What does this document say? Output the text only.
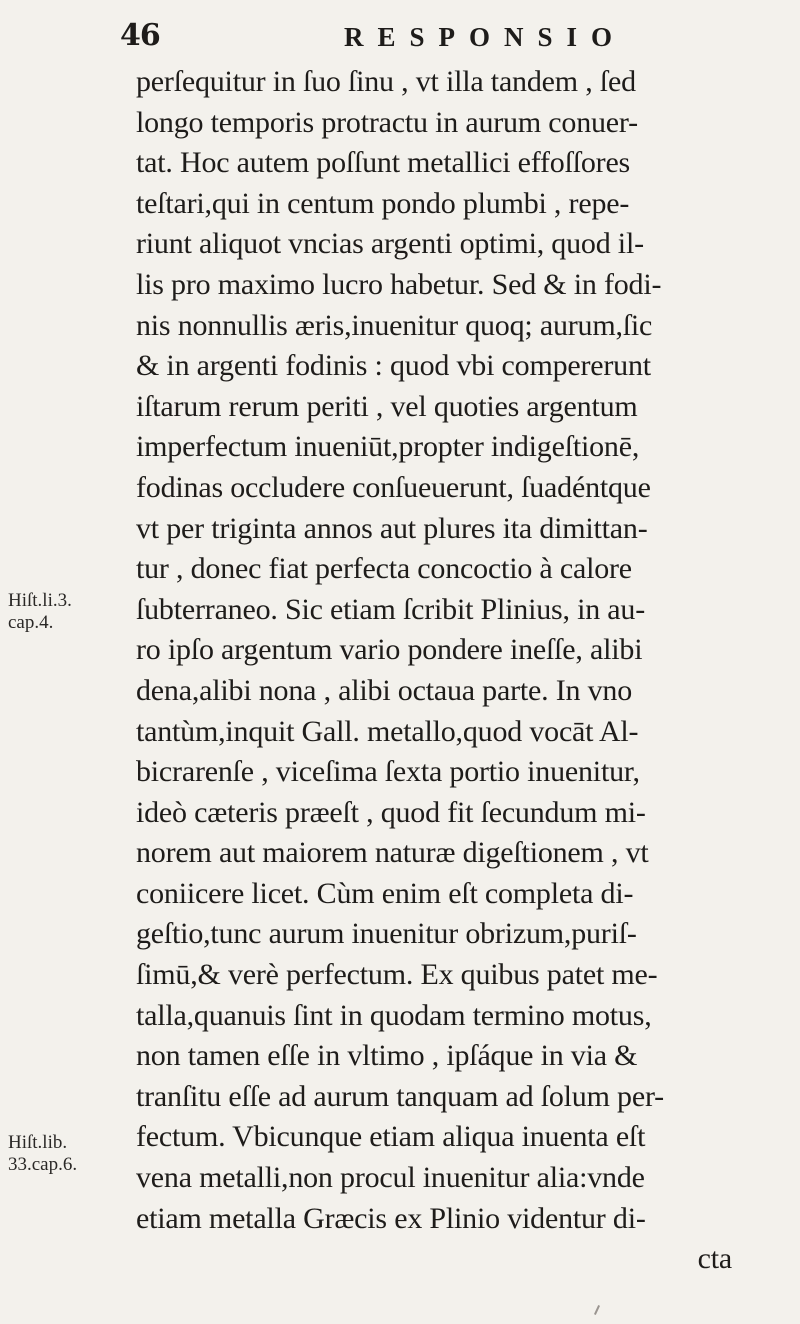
46	RESPONSIO
perſequitur in ſuo ſinu , vt illa tandem , ſed
longo temporis protractu in aurum conuer-
tat. Hoc autem poſſunt metallici effoſſores
teſtari,qui in centum pondo plumbi , repe-
riunt aliquot vncias argenti optimi, quod il-
lis pro maximo lucro habetur. Sed & in fodi-
nis nonnullis æris,inuenitur quoq; aurum,ſic
& in argenti fodinis : quod vbi compererunt
iſtarum rerum periti , vel quoties argentum
imperfectum inueniūt,propter indigeſtionē,
fodinas occludere conſueuerunt, ſuadéntque
vt per triginta annos aut plures ita dimittan-
tur , donec fiat perfecta concoctio à calore
ſubterraneo. Sic etiam ſcribit Plinius, in au-
ro ipſo argentum vario pondere ineſſe, alibi
dena,alibi nona , alibi octaua parte. In vno
tantùm,inquit Gall. metallo,quod vocāt Al-
bicrarenſe , viceſima ſexta portio inuenitur,
ideò cæteris præeſt , quod fit ſecundum mi-
norem aut maiorem naturæ digeſtionem , vt
coniicere licet. Cùm enim eſt completa di-
geſtio,tunc aurum inuenitur obrizum,puriſ-
ſimū,& verè perfectum. Ex quibus patet me-
talla,quanuis ſint in quodam termino motus,
non tamen eſſe in vltimo , ipſáque in via &
tranſitu eſſe ad aurum tanquam ad ſolum per-
fectum. Vbicunque etiam aliqua inuenta eſt
vena metalli,non procul inuenitur alia:vnde
etiam metalla Græcis ex Plinio videntur di-
cta
Hiſt.li.3.
cap.4.
Hiſt.lib.
33.cap.6.
